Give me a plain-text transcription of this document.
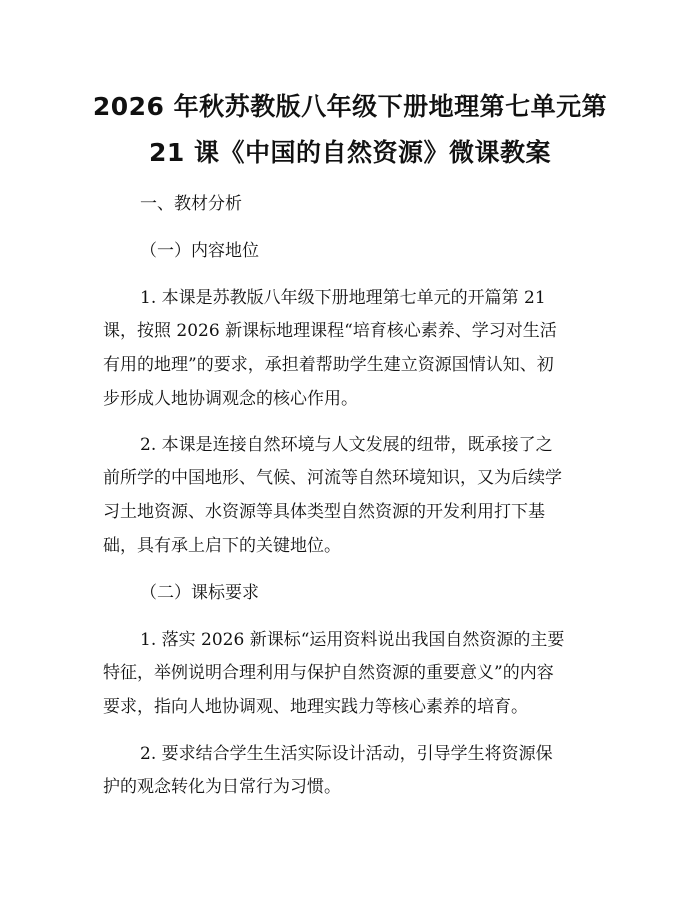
2026 年秋苏教版八年级下册地理第七单元第
21 课《中国的自然资源》微课教案
一、教材分析
（一）内容地位
1. 本课是苏教版八年级下册地理第七单元的开篇第 21
课，按照 2026 新课标地理课程“培育核心素养、学习对生活
有用的地理”的要求，承担着帮助学生建立资源国情认知、初
步形成人地协调观念的核心作用。
2. 本课是连接自然环境与人文发展的纽带，既承接了之
前所学的中国地形、气候、河流等自然环境知识，又为后续学
习土地资源、水资源等具体类型自然资源的开发利用打下基
础，具有承上启下的关键地位。
（二）课标要求
1. 落实 2026 新课标“运用资料说出我国自然资源的主要
特征，举例说明合理利用与保护自然资源的重要意义”的内容
要求，指向人地协调观、地理实践力等核心素养的培育。
2. 要求结合学生生活实际设计活动，引导学生将资源保
护的观念转化为日常行为习惯。
